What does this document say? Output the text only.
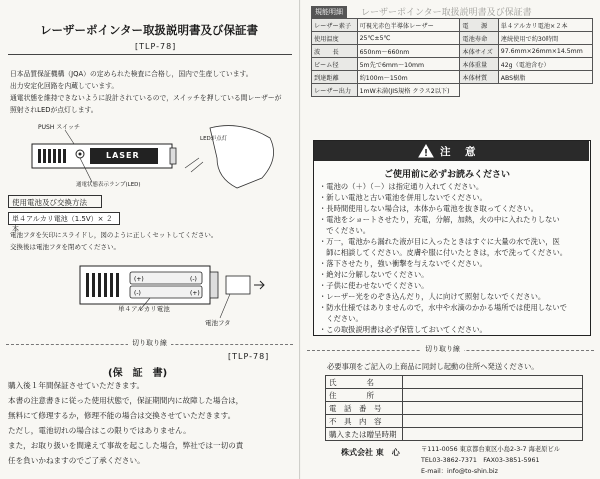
レーザーポインター取扱説明書及び保証書
[TLP-78]
日本品質保証機構（JQA）の定められた検査に合格し，国内で生産しています。
出力安定化回路を内蔵しています。
通電状態を維持できないように設計されているので，スイッチを押している間レーザーが
照射されLEDが点灯します。
PUSH スイッチ
LASER
LEDが点灯
通電状態表示ランプ(LED)
使用電池及び交換方法
単４アルカリ電池（1.5V）× ２本
電池フタを矢印にスライドし，図のように正しくセットしてください。
交換後は電池フタを閉めてください。
(+)	(-)
(-)	(+)
単４アルカリ電池
電池フタ
切り取り線
[TLP-78]
(保　証　書)
購入後１年間保証させていただきます。
本書の注意書きに従った使用状態で，保証期間内に故障した場合は，
無料にて修理するか，修理不能の場合は交換させていただきます。
ただし，電池切れの場合はこの限りではありません。
また，お取り扱いを間違えて事故を起こした場合，弊社では一切の責
任を負いかねますのでご了承ください。
規能明細	レーザーポインター取扱説明書及び保証書
レーザー素子	可視光赤色半導体レーザー	電　　源	単４アルカリ電池×２本
使用温度	25℃±5℃	電池寿命	連続使用で約30時間
波　　長	650nm〜660nm	本体サイズ	97.6mm×26mm×14.5mm
ビーム径	5m先で6mm〜10mm	本体重量	42g（電池含む）
到達距離	約100m〜150m	本体材質	ABS樹脂
レーザー出力	1mW未満(JIS規格 クラス2以下)		
注　意
ご使用前に必ずお読みください
・電池の（＋）（－）は指定通り入れてください。
・新しい電池と古い電池を併用しないでください。
・長時間使用しない場合は，本体から電池を抜き取ってください。
・電池をショートさせたり，充電，分解，加熱，火の中に入れたりしない
　でください。
・万一，電池から漏れた液が目に入ったときはすぐに大量の水で洗い，医
　師に相談してください。皮膚や服に付いたときは，水で洗ってください。
・落下させたり，強い衝撃を与えないでください。
・絶対に分解しないでください。
・子供に使わせないでください。
・レーザー光をのぞき込んだり，人に向けて照射しないでください。
・防水仕様ではありませんので，水中や水滴のかかる場所では使用しないで
　ください。
・この取扱説明書は必ず保管しておいてください。
切り取り線
必要事項をご記入の上商品に同封し起動の住所へ発送ください。
氏　　　　名	
住　　　　所	
電　話　番　号	
不　具　内　容	
購入または贈呈時期	
株式会社 東　心	〒111-0056 東京都台東区小島2-3-7 海老原ビル
TEL03-3862-7371　FAX03-3851-5961
E-mail：info@to-shin.biz
